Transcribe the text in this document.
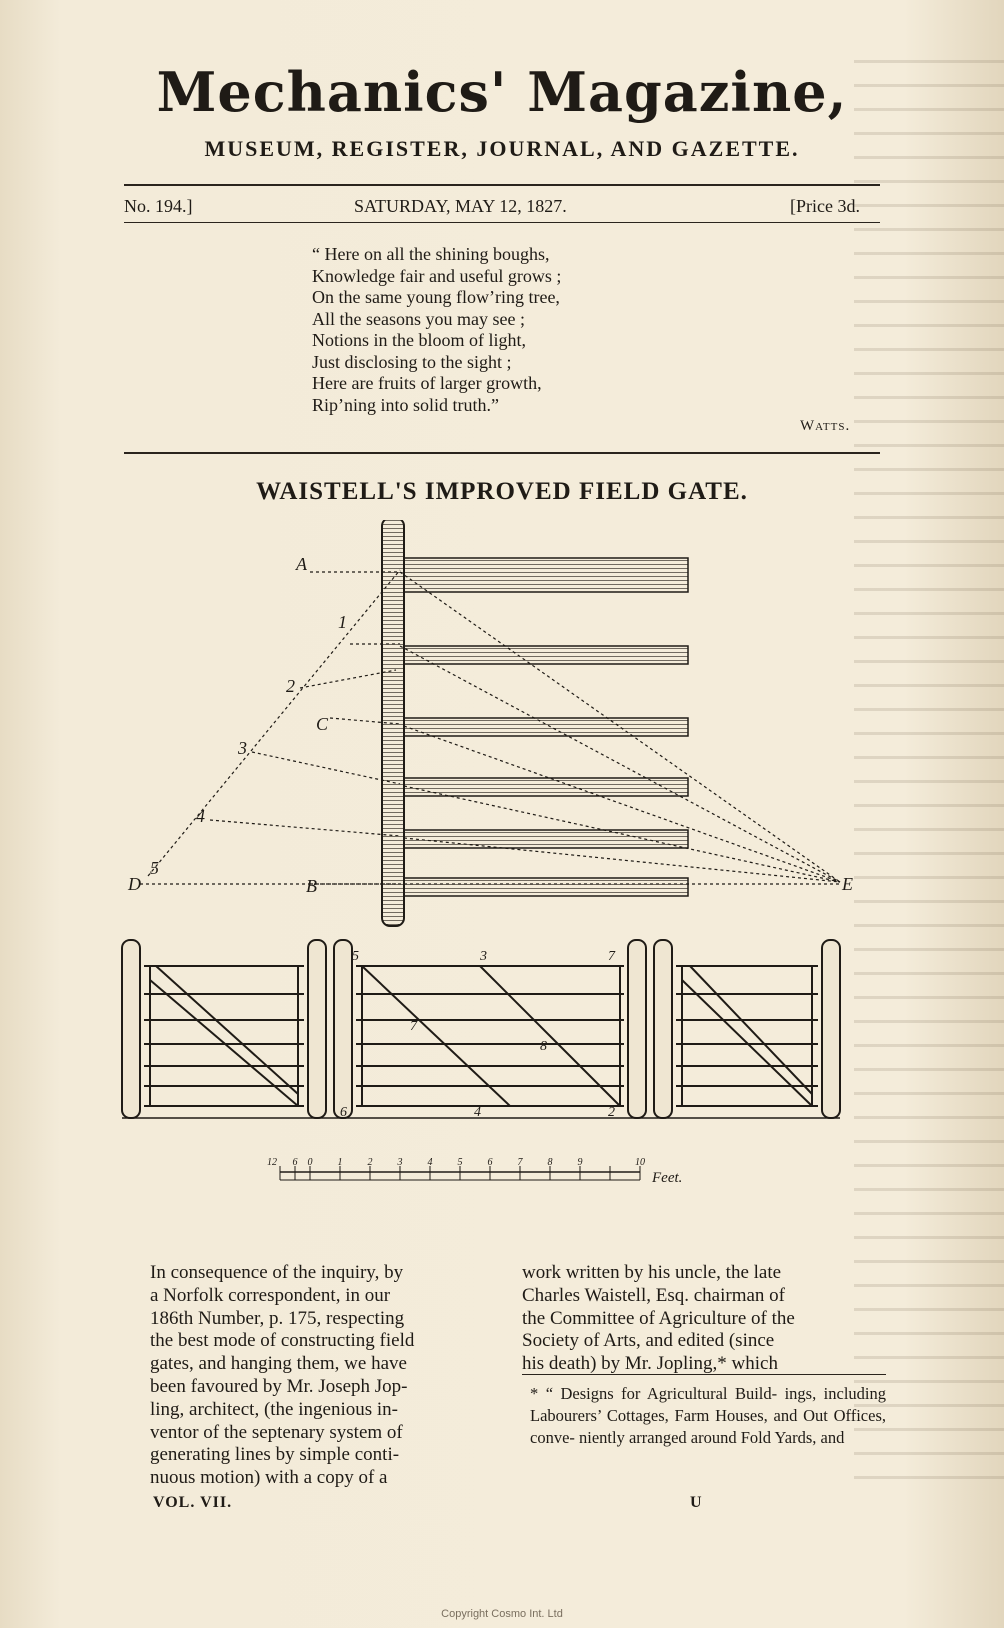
Mechanics' Magazine,
MUSEUM, REGISTER, JOURNAL, AND GAZETTE.
No. 194.]	SATURDAY, MAY 12, 1827.	[Price 3d.
“ Here on all the shining boughs,
Knowledge fair and useful grows ;
On the same young flow’ring tree,
All the seasons you may see ;
Notions in the bloom of light,
Just disclosing to the sight ;
Here are fruits of larger growth,
Rip’ning into solid truth.”
Watts.
WAISTELL'S IMPROVED FIELD GATE.
A
1
2
C
3
4
5
D	B	E
5	3	7
7
8
6	4	2
12 6 0	1	2	3	4	5	6	7	8	9	10
Feet.

In consequence of the inquiry, by

a Norfolk correspondent, in our

186th Number, p. 175, respecting

the best mode of constructing field

gates, and hanging them, we have

been favoured by Mr. Joseph Jop-

ling, architect, (the ingenious in-

ventor of the septenary system of

generating lines by simple conti-

nuous motion) with a copy of a

work written by his uncle, the late

Charles Waistell, Esq. chairman of

the Committee of Agriculture of the

Society of Arts, and edited (since

his death) by Mr. Jopling,* which

* “ Designs for Agricultural Build- ings, including Labourers’ Cottages, Farm Houses, and Out Offices, conve- niently arranged around Fold Yards, and
VOL. VII.	U
Copyright Cosmo Int. Ltd
